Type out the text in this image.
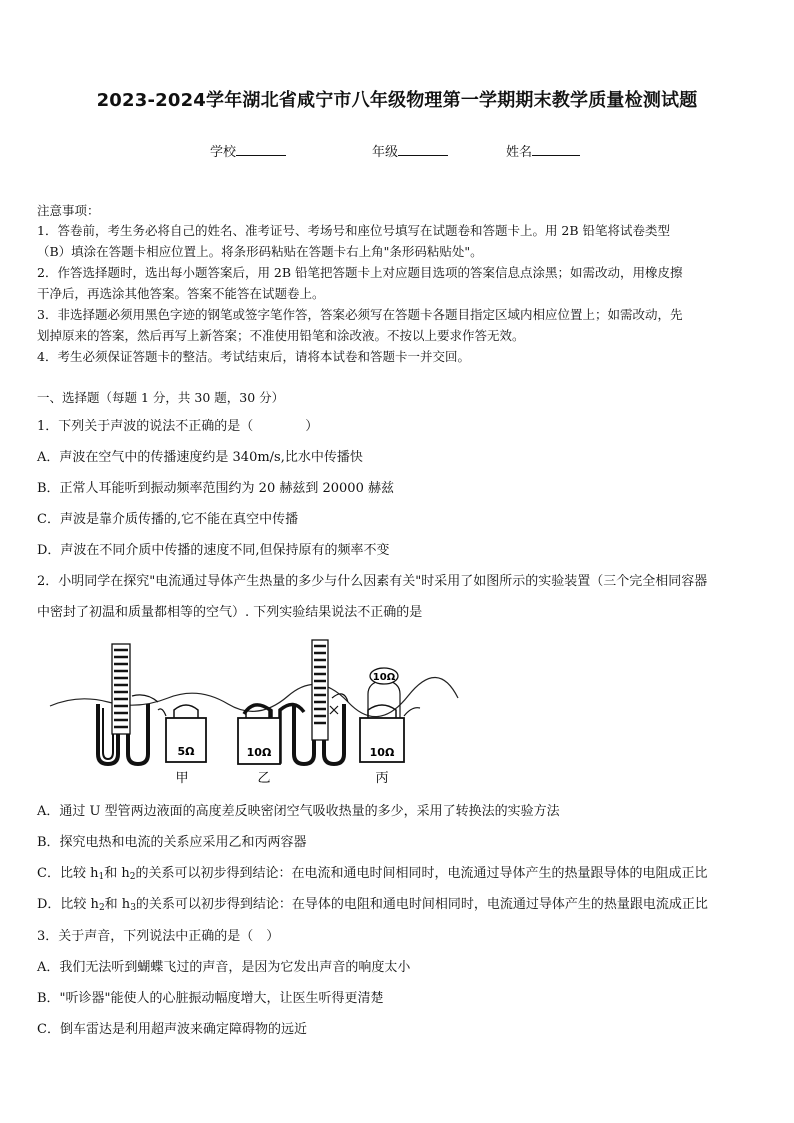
2023-2024学年湖北省咸宁市八年级物理第一学期期末教学质量检测试题
学校	年级	姓名
注意事项：
1．答卷前，考生务必将自己的姓名、准考证号、考场号和座位号填写在试题卷和答题卡上。用 2B 铅笔将试卷类型
（B）填涂在答题卡相应位置上。将条形码粘贴在答题卡右上角"条形码粘贴处"。
2．作答选择题时，选出每小题答案后，用 2B 铅笔把答题卡上对应题目选项的答案信息点涂黑；如需改动，用橡皮擦
干净后，再选涂其他答案。答案不能答在试题卷上。
3．非选择题必须用黑色字迹的钢笔或签字笔作答，答案必须写在答题卡各题目指定区域内相应位置上；如需改动，先
划掉原来的答案，然后再写上新答案；不准使用铅笔和涂改液。不按以上要求作答无效。
4．考生必须保证答题卡的整洁。考试结束后，请将本试卷和答题卡一并交回。
一、选择题（每题 1 分，共 30 题，30 分）
1．下列关于声波的说法不正确的是（　　　　）
A．声波在空气中的传播速度约是 340m/s,比水中传播快
B．正常人耳能听到振动频率范围约为 20 赫兹到 20000 赫兹
C．声波是靠介质传播的,它不能在真空中传播
D．声波在不同介质中传播的速度不同,但保持原有的频率不变
2．小明同学在探究"电流通过导体产生热量的多少与什么因素有关"时采用了如图所示的实验装置（三个完全相同容器
中密封了初温和质量都相等的空气）. 下列实验结果说法不正确的是
5Ω	10Ω
10Ω
10Ω
甲	乙	丙
A．通过 U 型管两边液面的高度差反映密闭空气吸收热量的多少，采用了转换法的实验方法
B．探究电热和电流的关系应采用乙和丙两容器
C．比较 $h_1$和 $h_2$的关系可以初步得到结论：在电流和通电时间相同时，电流通过导体产生的热量跟导体的电阻成正比
D．比较 $h_2$和 $h_3$的关系可以初步得到结论：在导体的电阻和通电时间相同时，电流通过导体产生的热量跟电流成正比
3．关于声音，下列说法中正确的是（　）
A．我们无法听到蝴蝶飞过的声音，是因为它发出声音的响度太小
B．"听诊器"能使人的心脏振动幅度增大，让医生听得更清楚
C．倒车雷达是利用超声波来确定障碍物的远近
